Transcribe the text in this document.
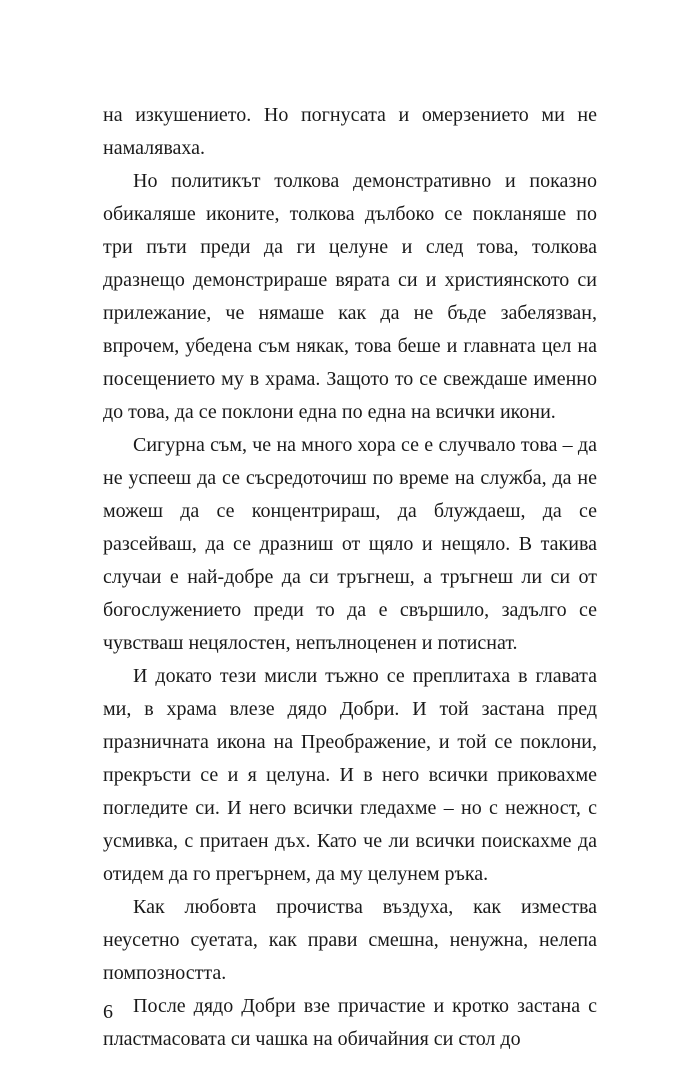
на изкушението. Но погнусата и омерзението ми не намаляваха.

Но политикът толкова демонстративно и показно обикаляше иконите, толкова дълбоко се покланяше по три пъти преди да ги целуне и след това, толкова дразнещо демонстрираше вярата си и християнското си прилежание, че нямаше как да не бъде забелязван, впрочем, убедена съм някак, това беше и главната цел на посещението му в храма. Защото то се свеждаше именно до това, да се поклони една по една на всички икони.

Сигурна съм, че на много хора се е случвало това – да не успееш да се съсредоточиш по време на служба, да не можеш да се концентрираш, да блуждаеш, да се разсейваш, да се дразниш от щяло и нещяло. В такива случаи е най-добре да си тръгнеш, а тръгнеш ли си от богослужението преди то да е свършило, задълго се чувстваш нецялостен, непълноценен и потиснат.

И докато тези мисли тъжно се преплитаха в главата ми, в храма влезе дядо Добри. И той застана пред празничната икона на Преображение, и той се поклони, прекръсти се и я целуна. И в него всички приковахме погледите си. И него всички гледахме – но с нежност, с усмивка, с притаен дъх. Като че ли всички поискахме да отидем да го прегърнем, да му целунем ръка.

Как любовта прочиства въздуха, как измества неусетно суетата, как прави смешна, ненужна, нелепа помпозността.

После дядо Добри взе причастие и кротко застана с пластмасовата си чашка на обичайния си стол до

6
